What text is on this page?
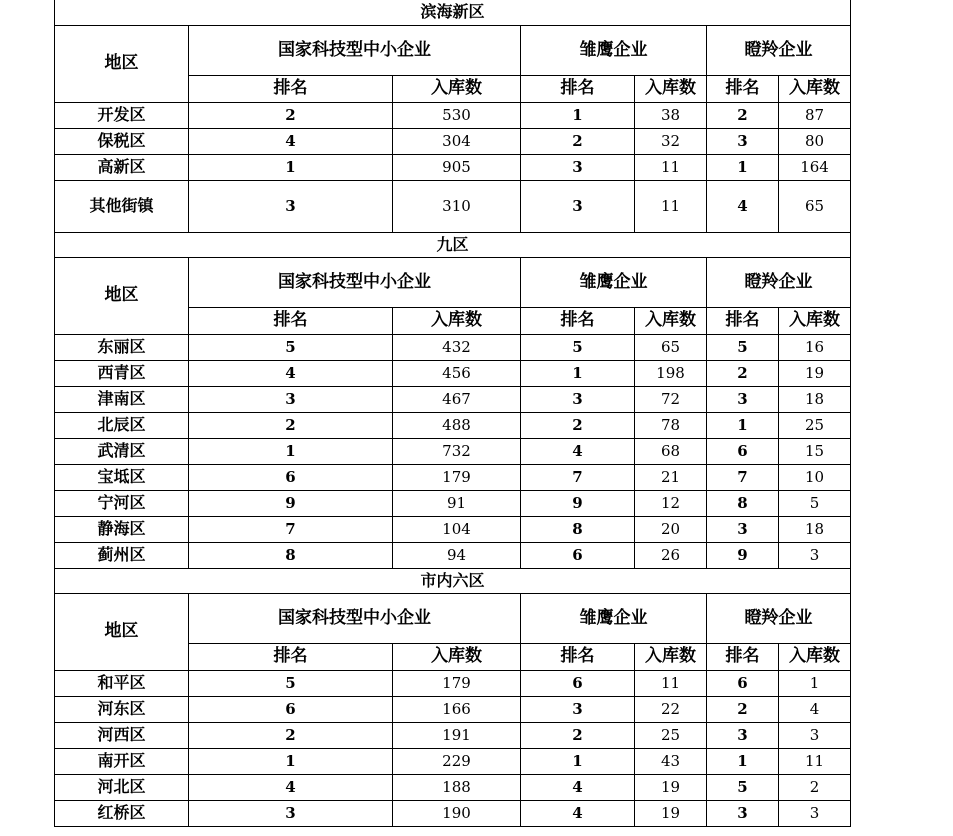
滨海新区						
地区	国家科技型中小企业		雏鹰企业		瞪羚企业	
	排名	入库数	排名	入库数	排名	入库数
开发区	2	530	1	38	2	87
保税区	4	304	2	32	3	80
高新区	1	905	3	11	1	164
其他街镇	3	310	3	11	4	65
九区						
地区	国家科技型中小企业		雏鹰企业		瞪羚企业	
	排名	入库数	排名	入库数	排名	入库数
东丽区	5	432	5	65	5	16
西青区	4	456	1	198	2	19
津南区	3	467	3	72	3	18
北辰区	2	488	2	78	1	25
武清区	1	732	4	68	6	15
宝坻区	6	179	7	21	7	10
宁河区	9	91	9	12	8	5
静海区	7	104	8	20	3	18
蓟州区	8	94	6	26	9	3
市内六区						
地区	国家科技型中小企业		雏鹰企业		瞪羚企业	
	排名	入库数	排名	入库数	排名	入库数
和平区	5	179	6	11	6	1
河东区	6	166	3	22	2	4
河西区	2	191	2	25	3	3
南开区	1	229	1	43	1	11
河北区	4	188	4	19	5	2
红桥区	3	190	4	19	3	3
